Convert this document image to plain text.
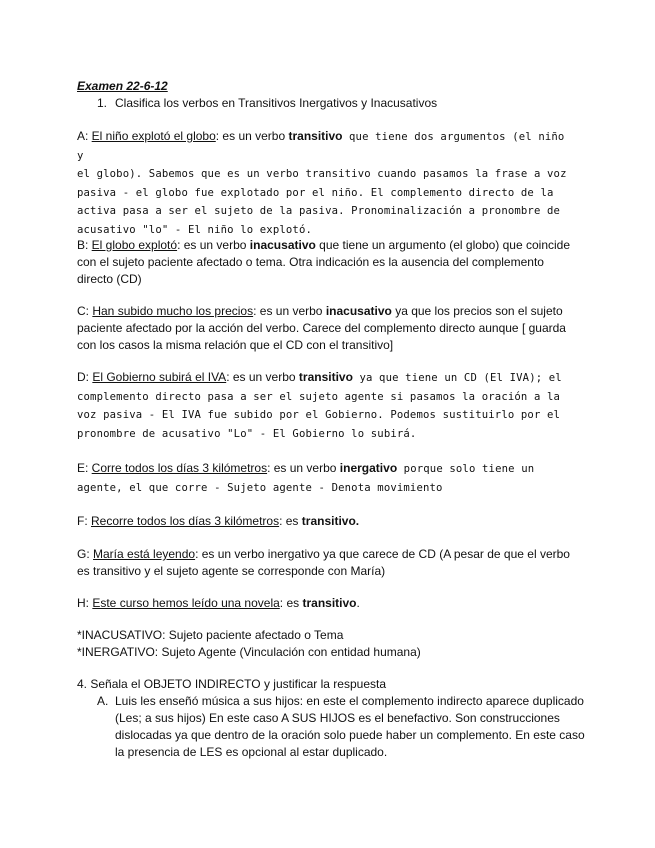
Examen 22-6-12
1. Clasifica los verbos en Transitivos Inergativos y Inacusativos
A: El niño explotó el globo: es un verbo transitivo que tiene dos argumentos (el niño y
el globo). Sabemos que es un verbo transitivo cuando pasamos la frase a voz
pasiva - el globo fue explotado por el niño. El complemento directo de la
activa pasa a ser el sujeto de la pasiva. Pronominalización a pronombre de
acusativo "lo" - El niño lo explotó.
B: El globo explotó: es un verbo inacusativo que tiene un argumento (el globo) que coincide con el sujeto paciente afectado o tema. Otra indicación es la ausencia del complemento directo (CD)
C: Han subido mucho los precios: es un verbo inacusativo ya que los precios son el sujeto paciente afectado por la acción del verbo. Carece del complemento directo aunque [ guarda con los casos la misma relación que el CD con el transitivo]
D: El Gobierno subirá el IVA: es un verbo transitivo ya que tiene un CD (El IVA); el
complemento directo pasa a ser el sujeto agente si pasamos la oración a la
voz pasiva - El IVA fue subido por el Gobierno. Podemos sustituirlo por el
pronombre de acusativo "Lo" - El Gobierno lo subirá.
E: Corre todos los días 3 kilómetros: es un verbo inergativo porque solo tiene un
agente, el que corre - Sujeto agente - Denota movimiento
F: Recorre todos los días 3 kilómetros: es transitivo.
G: María está leyendo: es un verbo inergativo ya que carece de CD (A pesar de que el verbo es transitivo y el sujeto agente se corresponde con María)
H: Este curso hemos leído una novela: es transitivo.
*INACUSATIVO: Sujeto paciente afectado o Tema
*INERGATIVO: Sujeto Agente (Vinculación con entidad humana)
4. Señala el OBJETO INDIRECTO y justificar la respuesta
A. Luis les enseñó música a sus hijos: en este el complemento indirecto aparece duplicado (Les; a sus hijos) En este caso A SUS HIJOS es el benefactivo. Son construcciones dislocadas ya que dentro de la oración solo puede haber un complemento. En este caso la presencia de LES es opcional al estar duplicado.
